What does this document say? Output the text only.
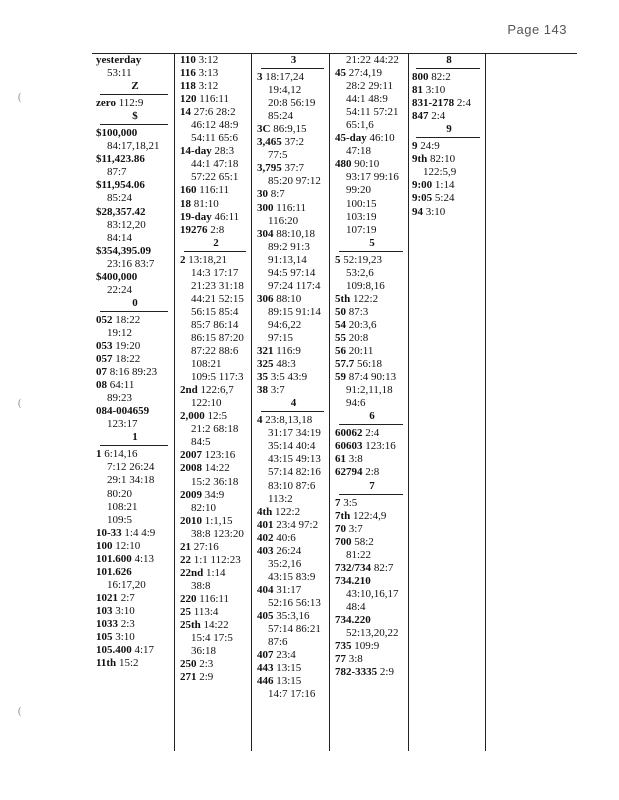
Page 143
(
(
(
yesterday
53:11
Z
zero 112:9
$
$100,000
84:17,18,21
$11,423.86
87:7
$11,954.06
85:24
$28,357.42
83:12,20
84:14
$354,395.09
23:16 83:7
$400,000
22:24
0
052 18:22
19:12
053 19:20
057 18:22
07 8:16 89:23
08 64:11
89:23
084-004659
123:17
1
1 6:14,16
7:12 26:24
29:1 34:18
80:20
108:21
109:5
10-33 1:4 4:9
100 12:10
101.600 4:13
101.626
16:17,20
1021 2:7
103 3:10
1033 2:3
105 3:10
105.400 4:17
11th 15:2
110 3:12
116 3:13
118 3:12
120 116:11
14 27:6 28:2
46:12 48:9
54:11 65:6
14-day 28:3
44:1 47:18
57:22 65:1
160 116:11
18 81:10
19-day 46:11
19276 2:8
2
2 13:18,21
14:3 17:17
21:23 31:18
44:21 52:15
56:15 85:4
85:7 86:14
86:15 87:20
87:22 88:6
108:21
109:5 117:3
2nd 122:6,7
122:10
2,000 12:5
21:2 68:18
84:5
2007 123:16
2008 14:22
15:2 36:18
2009 34:9
82:10
2010 1:1,15
38:8 123:20
21 27:16
22 1:1 112:23
22nd 1:14
38:8
220 116:11
25 113:4
25th 14:22
15:4 17:5
36:18
250 2:3
271 2:9
3
3 18:17,24
19:4,12
20:8 56:19
85:24
3C 86:9,15
3,465 37:2
77:5
3,795 37:7
85:20 97:12
30 8:7
300 116:11
116:20
304 88:10,18
89:2 91:3
91:13,14
94:5 97:14
97:24 117:4
306 88:10
89:15 91:14
94:6,22
97:15
321 116:9
325 48:3
35 3:5 43:9
38 3:7
4
4 23:8,13,18
31:17 34:19
35:14 40:4
43:15 49:13
57:14 82:16
83:10 87:6
113:2
4th 122:2
401 23:4 97:2
402 40:6
403 26:24
35:2,16
43:15 83:9
404 31:17
52:16 56:13
405 35:3,16
57:14 86:21
87:6
407 23:4
443 13:15
446 13:15
14:7 17:16
21:22 44:22
45 27:4,19
28:2 29:11
44:1 48:9
54:11 57:21
65:1,6
45-day 46:10
47:18
480 90:10
93:17 99:16
99:20
100:15
103:19
107:19
5
5 52:19,23
53:2,6
109:8,16
5th 122:2
50 87:3
54 20:3,6
55 20:8
56 20:11
57.7 56:18
59 87:4 90:13
91:2,11,18
94:6
6
60062 2:4
60603 123:16
61 3:8
62794 2:8
7
7 3:5
7th 122:4,9
70 3:7
700 58:2
81:22
732/734 82:7
734.210
43:10,16,17
48:4
734.220
52:13,20,22
735 109:9
77 3:8
782-3335 2:9
8
800 82:2
81 3:10
831-2178 2:4
847 2:4
9
9 24:9
9th 82:10
122:5,9
9:00 1:14
9:05 5:24
94 3:10
